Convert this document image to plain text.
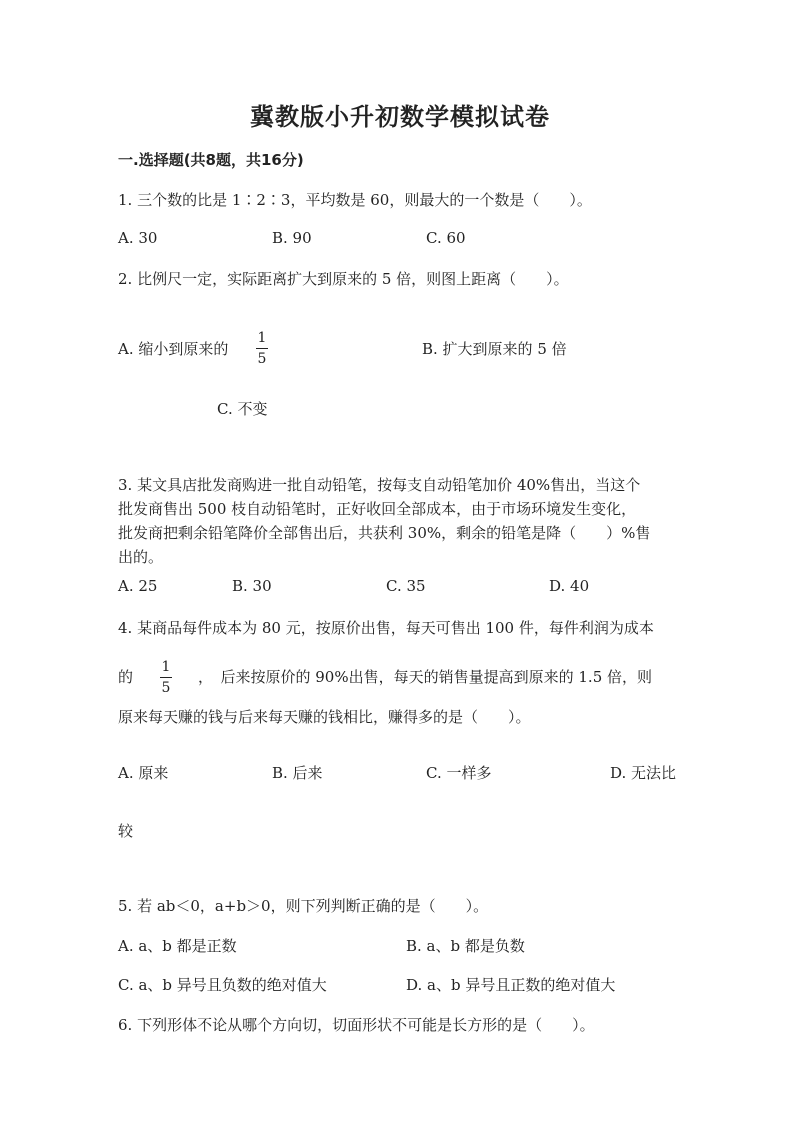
冀教版小升初数学模拟试卷
一.选择题(共8题，共16分)
1. 三个数的比是 1∶2∶3，平均数是 60，则最大的一个数是（　　）。
A. 30	B. 90	C. 60
2. 比例尺一定，实际距离扩大到原来的 5 倍，则图上距离（　　）。
A. 缩小到原来的
1
5
B. 扩大到原来的 5 倍
C. 不变
3. 某文具店批发商购进一批自动铅笔，按每支自动铅笔加价 40%售出，当这个
批发商售出 500 枝自动铅笔时，正好收回全部成本，由于市场环境发生变化，
批发商把剩余铅笔降价全部售出后，共获利 30%，剩余的铅笔是降（　　）%售
出的。
A. 25	B. 30	C. 35	D. 40
4. 某商品每件成本为 80 元，按原价出售，每天可售出 100 件，每件利润为成本
的
1
5
，　后来按原价的 90%出售，每天的销售量提高到原来的 1.5 倍，则
原来每天赚的钱与后来每天赚的钱相比，赚得多的是（　　）。
A. 原来	B. 后来	C. 一样多	D. 无法比
较
5. 若 ab＜0，a+b＞0，则下列判断正确的是（　　）。
A. a、b 都是正数	B. a、b 都是负数
C. a、b 异号且负数的绝对值大	D. a、b 异号且正数的绝对值大
6. 下列形体不论从哪个方向切，切面形状不可能是长方形的是（　　）。
